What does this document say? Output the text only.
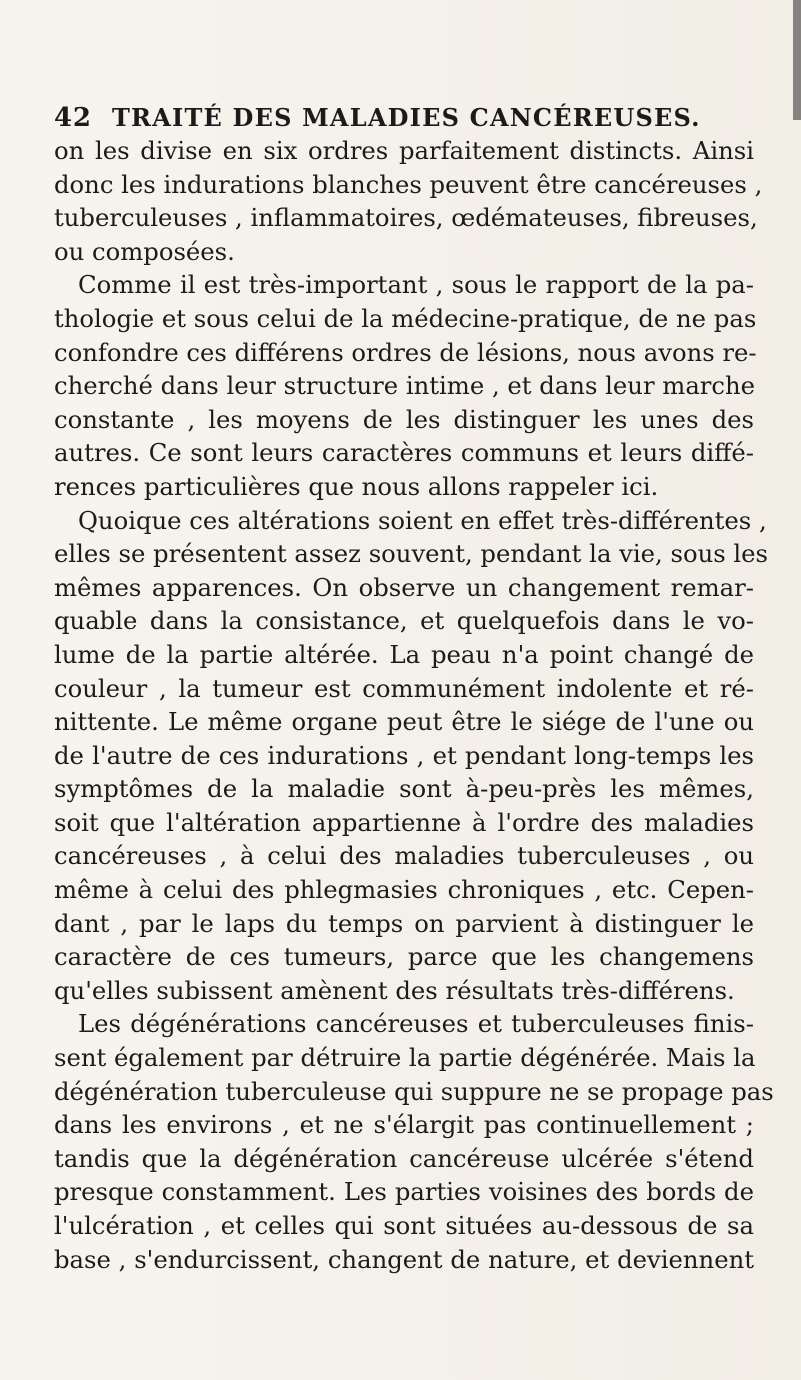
42 TRAITÉ DES MALADIES CANCÉREUSES.
on les divise en six ordres parfaitement distincts. Ainsi
donc les indurations blanches peuvent être cancéreuses ,
tuberculeuses , inflammatoires, œdémateuses, fibreuses,
ou composées.
Comme il est très-important , sous le rapport de la pa-
thologie et sous celui de la médecine-pratique, de ne pas
confondre ces différens ordres de lésions, nous avons re-
cherché dans leur structure intime , et dans leur marche
constante , les moyens de les distinguer les unes des
autres. Ce sont leurs caractères communs et leurs diffé-
rences particulières que nous allons rappeler ici.
Quoique ces altérations soient en effet très-différentes ,
elles se présentent assez souvent, pendant la vie, sous les
mêmes apparences. On observe un changement remar-
quable dans la consistance, et quelquefois dans le vo-
lume de la partie altérée. La peau n'a point changé de
couleur , la tumeur est communément indolente et ré-
nittente. Le même organe peut être le siége de l'une ou
de l'autre de ces indurations , et pendant long-temps les
symptômes de la maladie sont à-peu-près les mêmes,
soit que l'altération appartienne à l'ordre des maladies
cancéreuses , à celui des maladies tuberculeuses , ou
même à celui des phlegmasies chroniques , etc. Cepen-
dant , par le laps du temps on parvient à distinguer le
caractère de ces tumeurs, parce que les changemens
qu'elles subissent amènent des résultats très-différens.
Les dégénérations cancéreuses et tuberculeuses finis-
sent également par détruire la partie dégénérée. Mais la
dégénération tuberculeuse qui suppure ne se propage pas
dans les environs , et ne s'élargit pas continuellement ;
tandis que la dégénération cancéreuse ulcérée s'étend
presque constamment. Les parties voisines des bords de
l'ulcération , et celles qui sont situées au-dessous de sa
base , s'endurcissent, changent de nature, et deviennent
